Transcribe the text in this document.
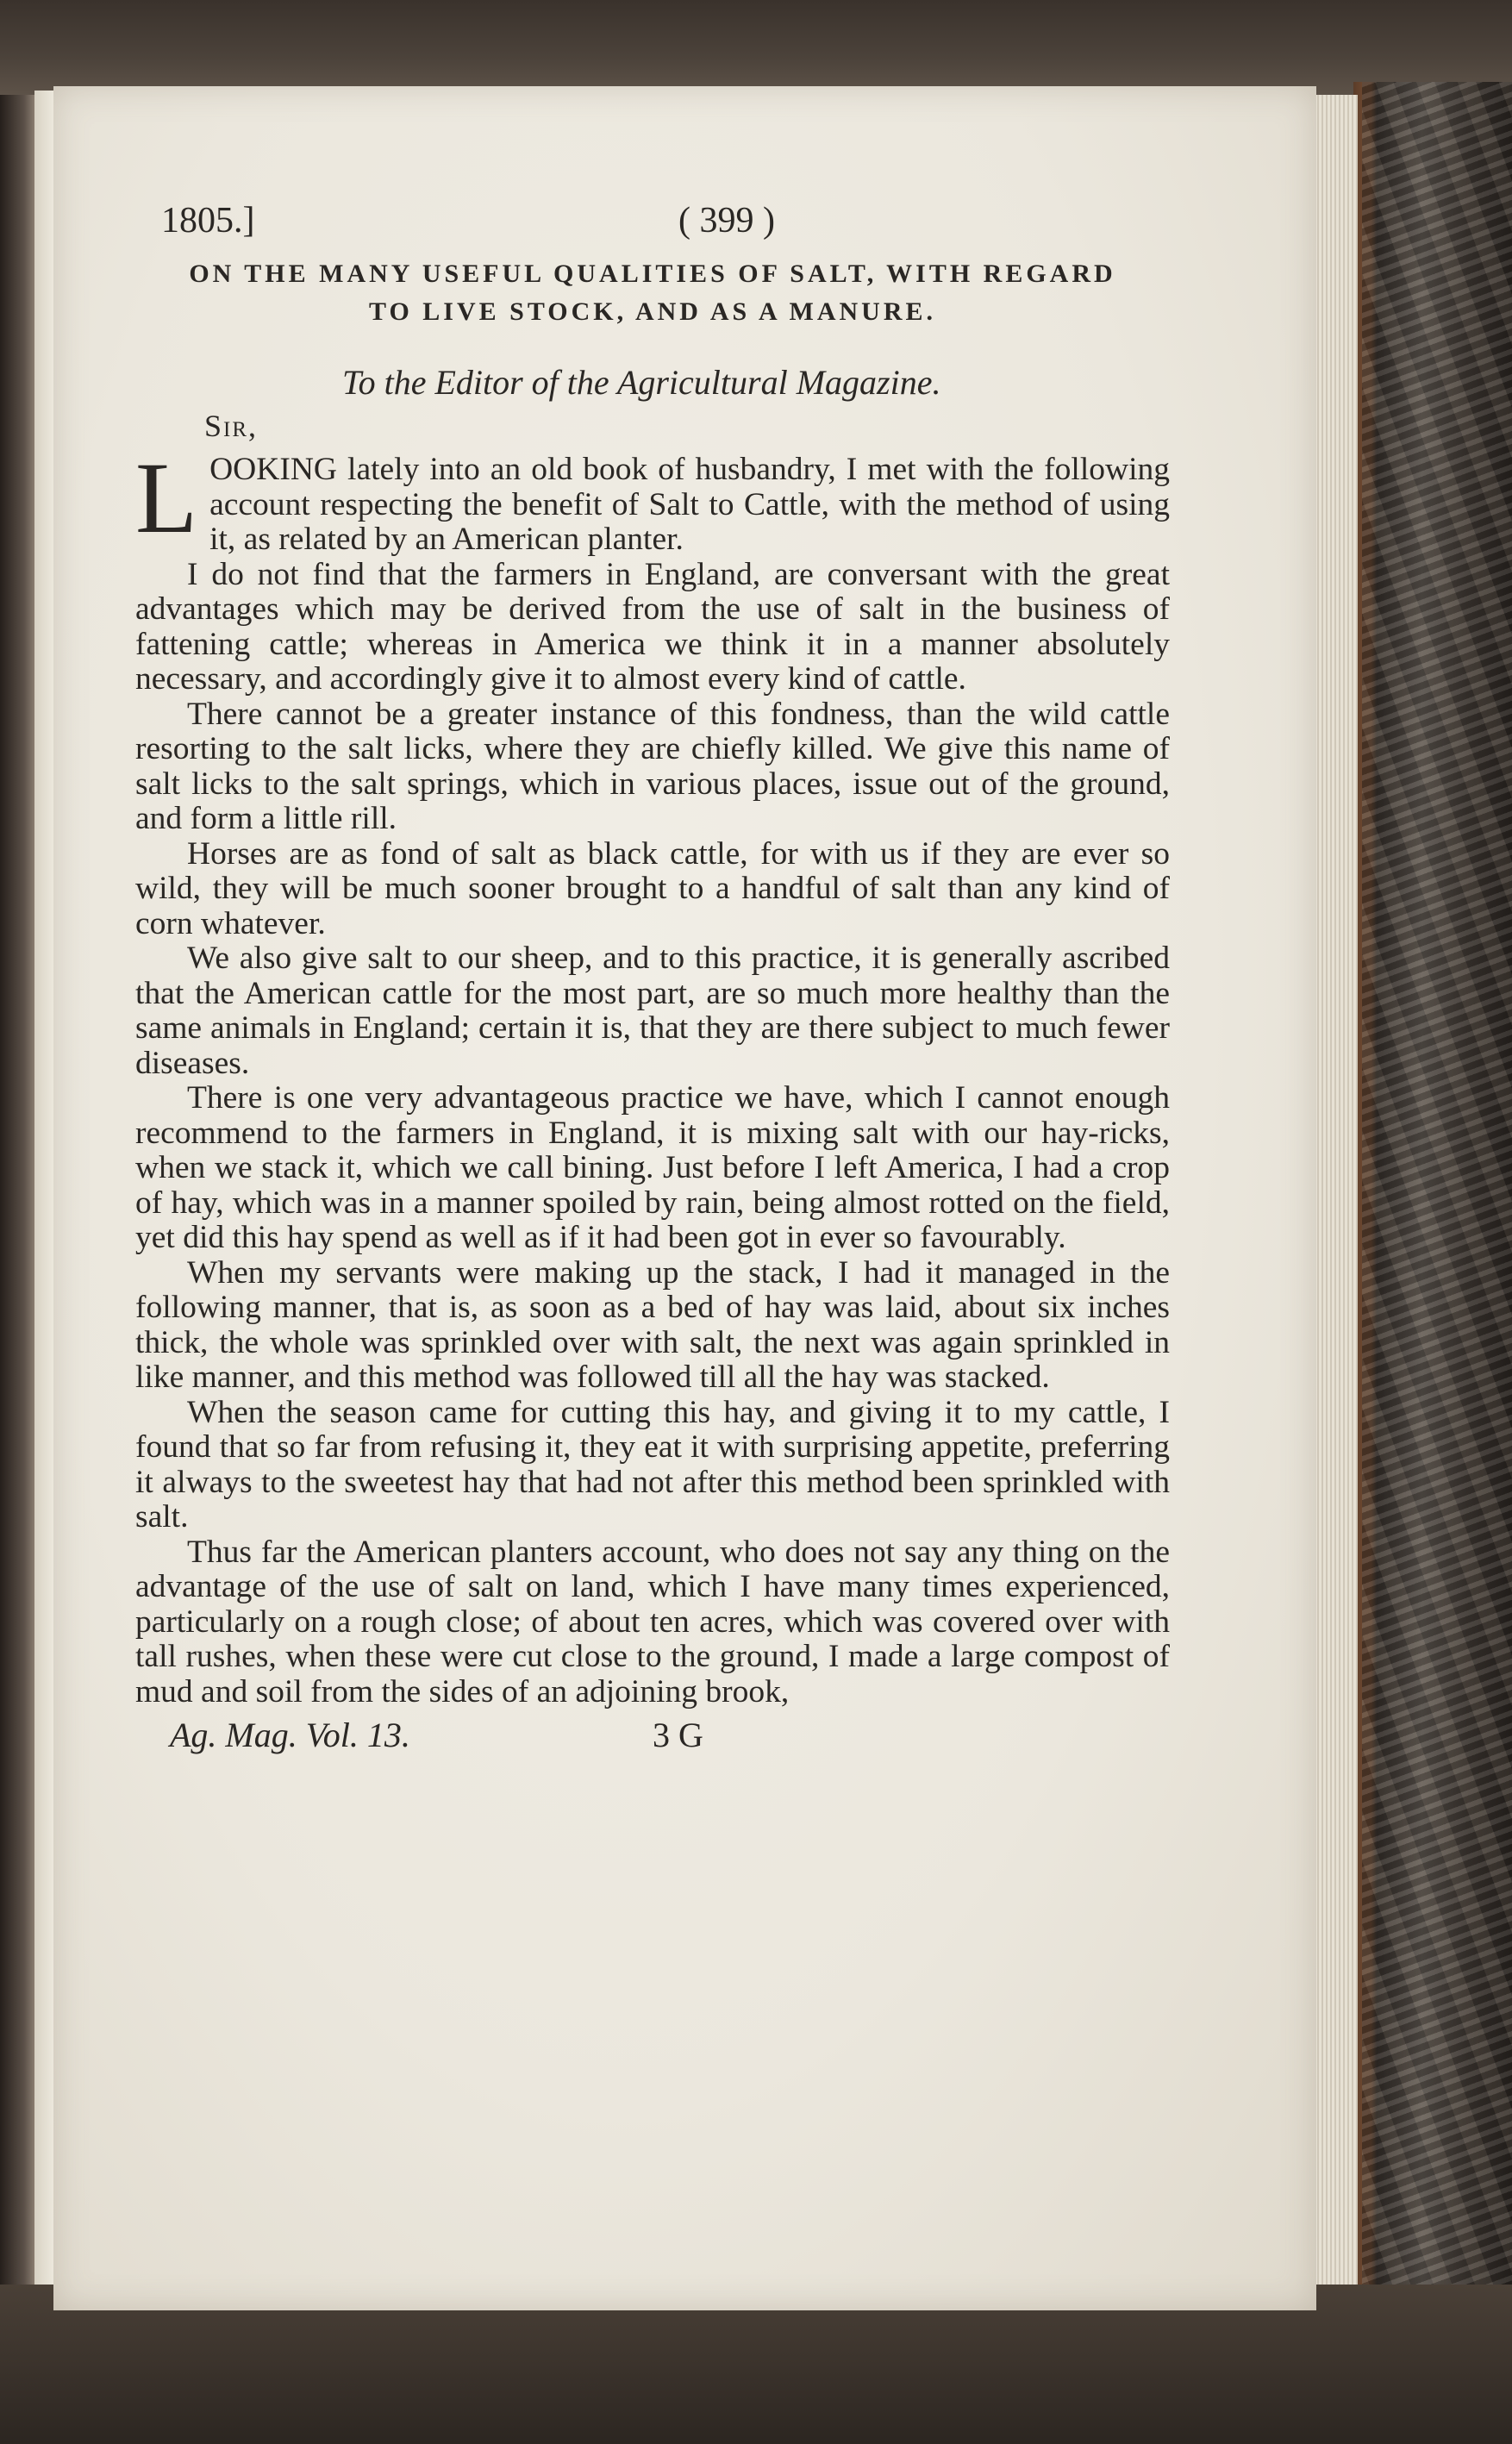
1805.]	( 399 )
ON THE MANY USEFUL QUALITIES OF SALT, WITH REGARD
TO LIVE STOCK, AND AS A MANURE.
To the Editor of the Agricultural Magazine.
Sir,

LOOKING lately into an old book of husbandry, I met with the following account respecting the benefit of Salt to Cattle, with the method of using it, as related by an American planter.

I do not find that the farmers in England, are conversant with the great advantages which may be derived from the use of salt in the business of fattening cattle; whereas in America we think it in a manner absolutely necessary, and accordingly give it to almost every kind of cattle.

There cannot be a greater instance of this fondness, than the wild cattle resorting to the salt licks, where they are chiefly killed. We give this name of salt licks to the salt springs, which in various places, issue out of the ground, and form a little rill.

Horses are as fond of salt as black cattle, for with us if they are ever so wild, they will be much sooner brought to a handful of salt than any kind of corn whatever.

We also give salt to our sheep, and to this practice, it is generally ascribed that the American cattle for the most part, are so much more healthy than the same animals in England; certain it is, that they are there subject to much fewer diseases.

There is one very advantageous practice we have, which I cannot enough recommend to the farmers in England, it is mixing salt with our hay-ricks, when we stack it, which we call bining. Just before I left America, I had a crop of hay, which was in a manner spoiled by rain, being almost rotted on the field, yet did this hay spend as well as if it had been got in ever so favourably.

When my servants were making up the stack, I had it managed in the following manner, that is, as soon as a bed of hay was laid, about six inches thick, the whole was sprinkled over with salt, the next was again sprinkled in like manner, and this method was followed till all the hay was stacked.

When the season came for cutting this hay, and giving it to my cattle, I found that so far from refusing it, they eat it with surprising appetite, preferring it always to the sweetest hay that had not after this method been sprinkled with salt.

Thus far the American planters account, who does not say any thing on the advantage of the use of salt on land, which I have many times experienced, particularly on a rough close; of about ten acres, which was covered over with tall rushes, when these were cut close to the ground, I made a large compost of mud and soil from the sides of an adjoining brook,

Ag. Mag. Vol. 13.	3 G
